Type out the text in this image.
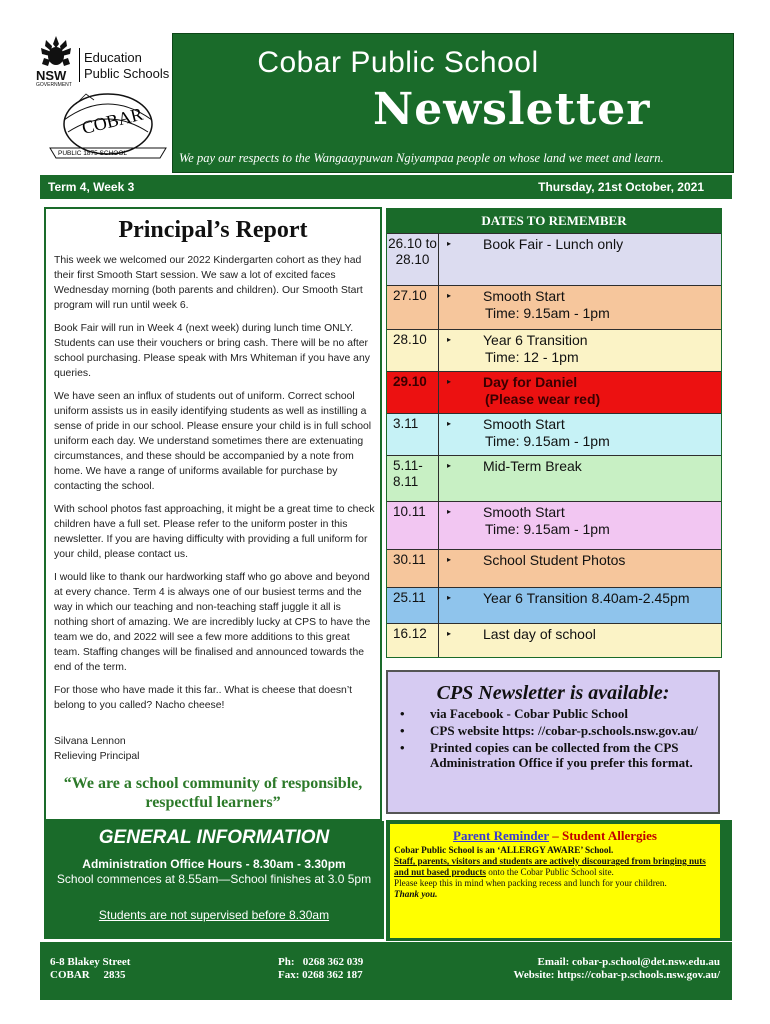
NSW
GOVERNMENT
Education
Public Schools
COBAR
PUBLIC 1875 SCHOOL
Cobar Public School
Newsletter
We pay our respects to the Wangaaypuwan Ngiyampaa people on whose land we meet and learn.
Term 4, Week 3	Thursday, 21st October, 2021
Principal’s Report

This week we welcomed our 2022 Kindergarten cohort as they had their first Smooth Start session. We saw a lot of excited faces Wednesday morning (both parents and children). Our Smooth Start program will run until week 6.

Book Fair will run in Week 4 (next week) during lunch time ONLY. Students can use their vouchers or bring cash. There will be no after school purchasing. Please speak with Mrs Whiteman if you have any queries.

We have seen an influx of students out of uniform. Correct school uniform assists us in easily identifying students as well as instilling a sense of pride in our school. Please ensure your child is in full school uniform each day. We understand sometimes there are extenuating circumstances, and these should be accompanied by a note from home. We have a range of uniforms available for purchase by contacting the school.

With school photos fast approaching, it might be a great time to check children have a full set. Please refer to the uniform poster in this newsletter. If you are having difficulty with providing a full uniform for your child, please contact us.

I would like to thank our hardworking staff who go above and beyond at every chance. Term 4 is always one of our busiest terms and the way in which our teaching and non-teaching staff juggle it all is nothing short of amazing. We are incredibly lucky at CPS to have the team we do, and 2022 will see a few more additions to this great team. Staffing changes will be finalised and announced towards the end of the term.

For those who have made it this far.. What is cheese that doesn’t belong to you called? Nacho cheese!

Silvana Lennon
Relieving Principal
“We are a school community of responsible, respectful learners”
DATES TO REMEMBER
26.10 to 28.10
▸ Book Fair - Lunch only
27.10	▸ Smooth Start
Time: 9.15am - 1pm
28.10	▸ Year 6 Transition
Time: 12 - 1pm
29.10	▸ Day for Daniel
(Please wear red)
3.11	▸ Smooth Start
Time: 9.15am - 1pm
5.11- 8.11
▸ Mid-Term Break
10.11	▸ Smooth Start
Time: 9.15am - 1pm
30.11	▸ School Student Photos
25.11	▸ Year 6 Transition 8.40am-2.45pm
16.12	▸ Last day of school
CPS Newsletter is available:
• via Facebook - Cobar Public School
• CPS website https: //cobar-p.schools.nsw.gov.au/
• Printed copies can be collected from the CPS Administration Office if you prefer this format.
GENERAL INFORMATION
Administration Office Hours - 8.30am - 3.30pm
School commences at 8.55am—School finishes at 3.0 5pm
Students are not supervised before 8.30am
Parent Reminder – Student Allergies
Cobar Public School is an ‘ALLERGY AWARE’ School.
Staff, parents, visitors and students are actively discouraged from bringing nuts and nut based products onto the Cobar Public School site.
Please keep this in mind when packing recess and lunch for your children.
Thank you.
6-8 Blakey Street
COBAR     2835
Ph:   0268 362 039
Fax: 0268 362 187
Email: cobar-p.school@det.nsw.edu.au
Website: https://cobar-p.schools.nsw.gov.au/
